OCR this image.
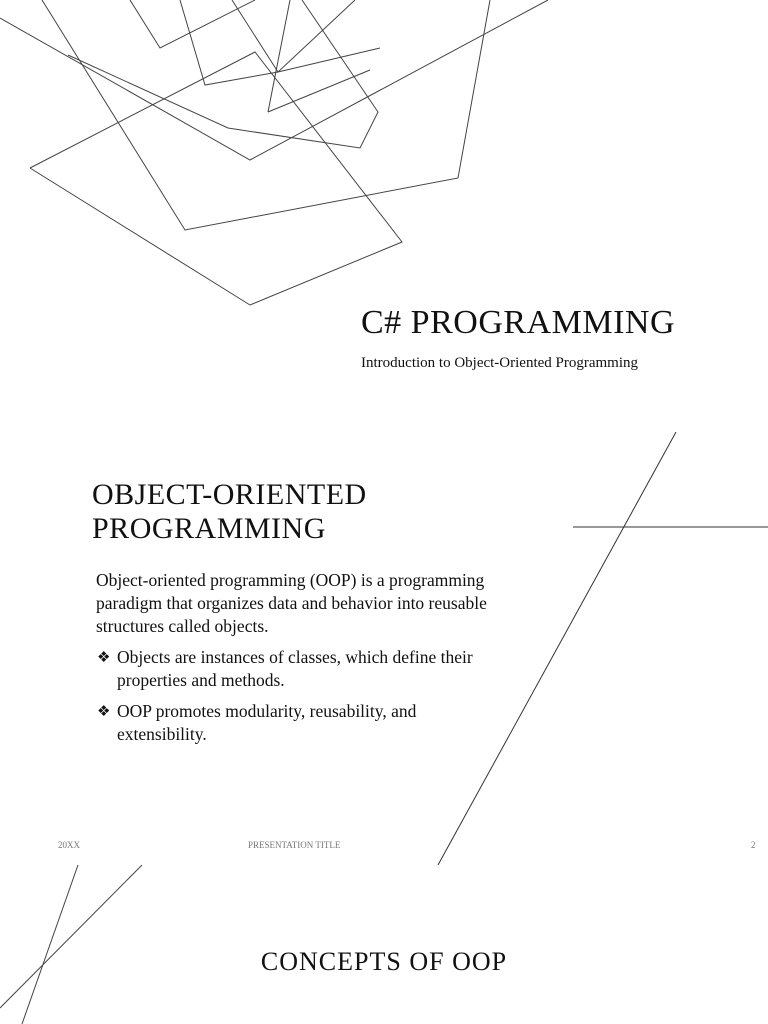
C# PROGRAMMING
Introduction to Object-Oriented Programming
OBJECT-ORIENTED PROGRAMMING

Object-oriented programming (OOP) is a programming paradigm that organizes data and behavior into reusable structures called objects.

❖ Objects are instances of classes, which define their properties and methods.
❖ OOP promotes modularity, reusability, and extensibility.
20XX	PRESENTATION TITLE	2
CONCEPTS OF OOP
